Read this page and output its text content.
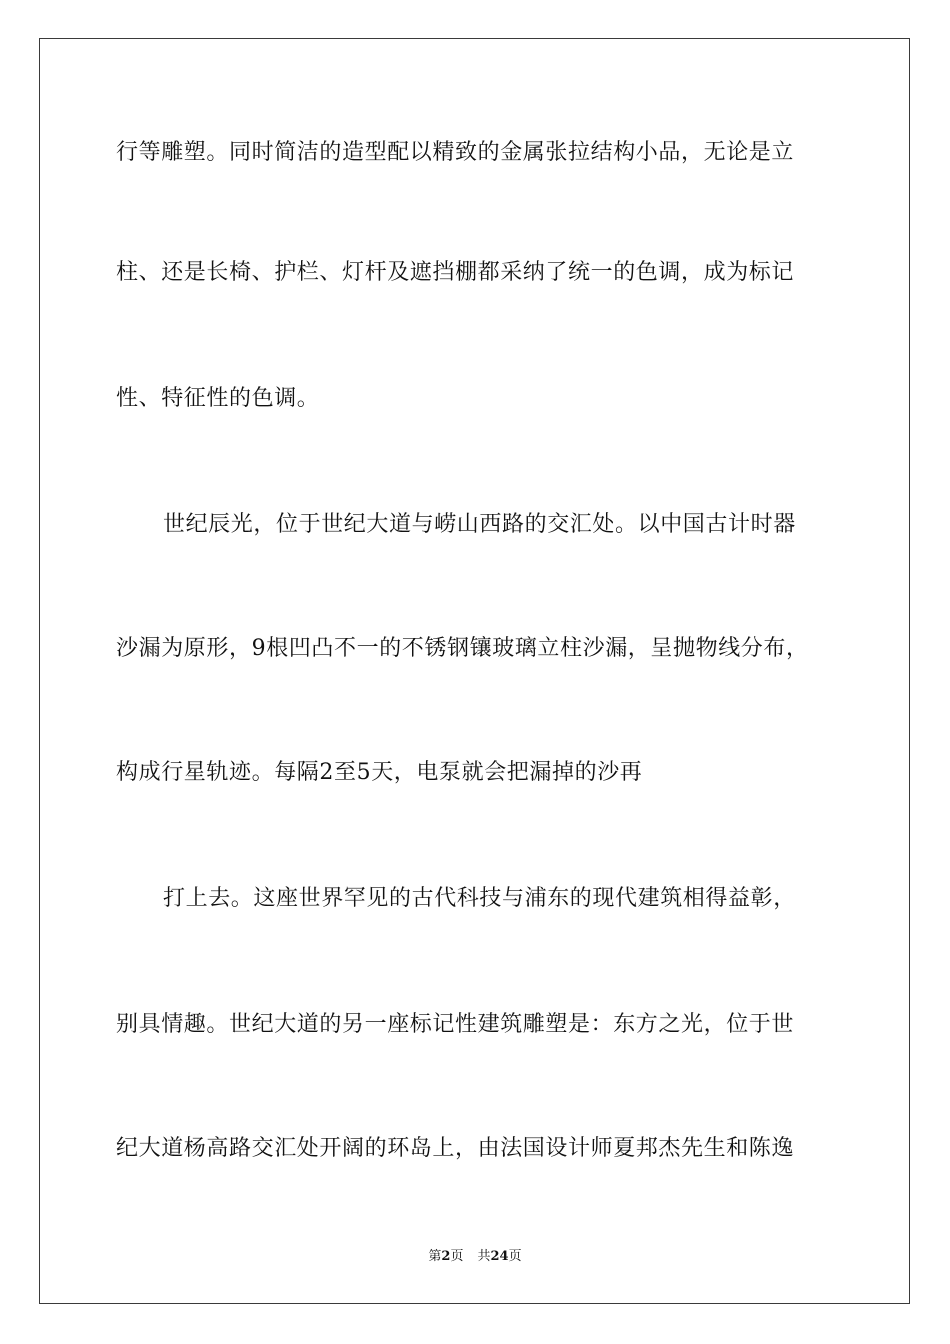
行等雕塑。同时简洁的造型配以精致的金属张拉结构小品，无论是立
柱、还是长椅、护栏、灯杆及遮挡棚都采纳了统一的色调，成为标记
性、特征性的色调。
世纪辰光，位于世纪大道与崂山西路的交汇处。以中国古计时器
沙漏为原形，9根凹凸不一的不锈钢镶玻璃立柱沙漏，呈抛物线分布，
构成行星轨迹。每隔2至5天，电泵就会把漏掉的沙再
打上去。这座世界罕见的古代科技与浦东的现代建筑相得益彰，
别具情趣。世纪大道的另一座标记性建筑雕塑是：东方之光，位于世
纪大道杨高路交汇处开阔的环岛上，由法国设计师夏邦杰先生和陈逸
第2页 共24页
